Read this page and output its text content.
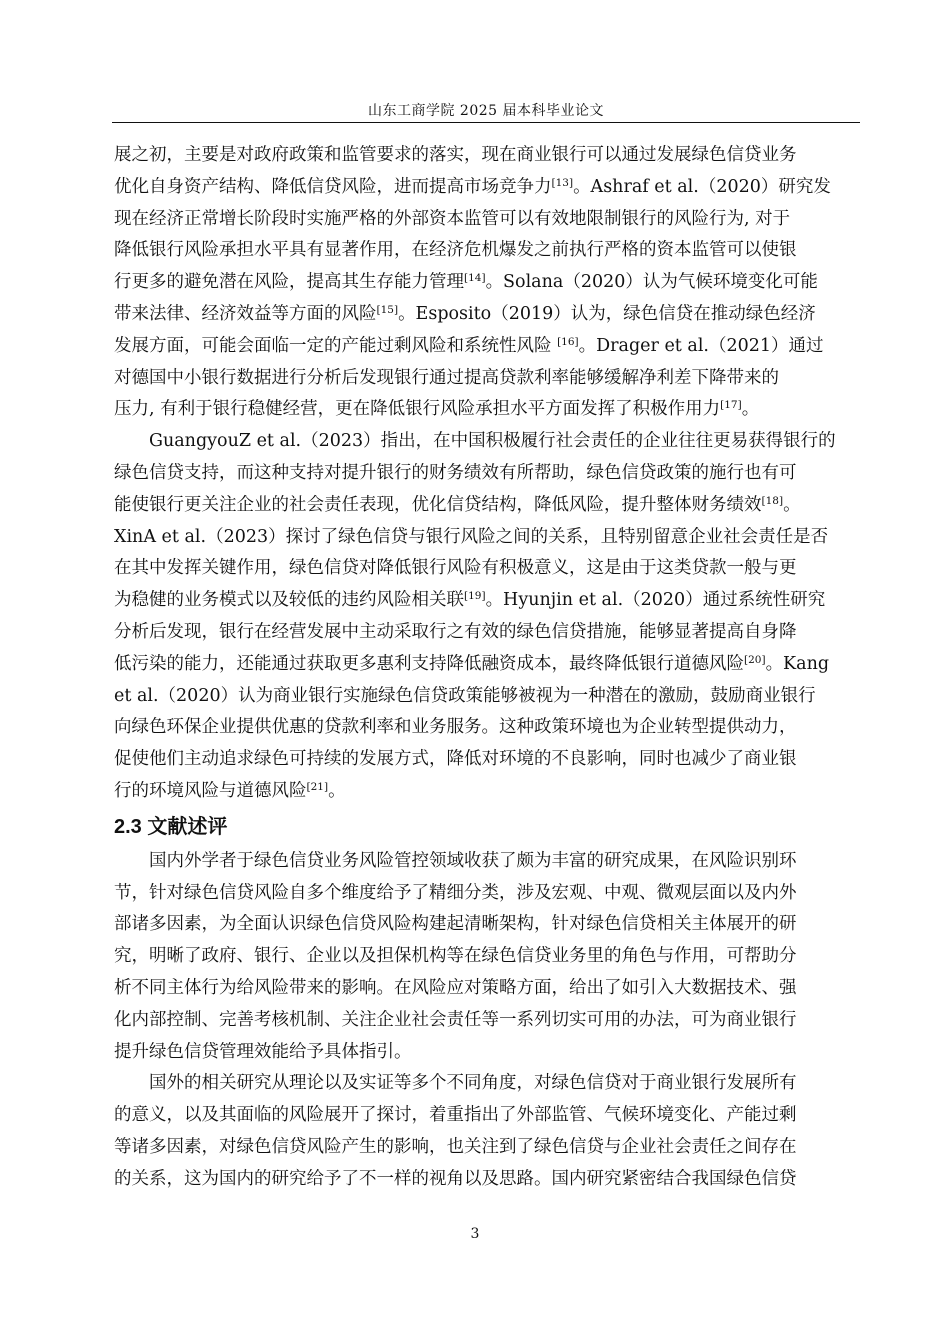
山东工商学院 2025 届本科毕业论文

展之初，主要是对政府政策和监管要求的落实，现在商业银行可以通过发展绿色信贷业务
优化自身资产结构、降低信贷风险，进而提高市场竞争力[13]。Ashraf et al.（2020）研究发
现在经济正常增长阶段时实施严格的外部资本监管可以有效地限制银行的风险行为, 对于
降低银行风险承担水平具有显著作用，在经济危机爆发之前执行严格的资本监管可以使银
行更多的避免潜在风险，提高其生存能力管理[14]。Solana（2020）认为气候环境变化可能
带来法律、经济效益等方面的风险[15]。Esposito（2019）认为，绿色信贷在推动绿色经济
发展方面，可能会面临一定的产能过剩风险和系统性风险 [16]。Drager et al.（2021）通过
对德国中小银行数据进行分析后发现银行通过提高贷款利率能够缓解净利差下降带来的
压力, 有利于银行稳健经营，更在降低银行风险承担水平方面发挥了积极作用力[17]。

GuangyouZ et al.（2023）指出，在中国积极履行社会责任的企业往往更易获得银行的
绿色信贷支持，而这种支持对提升银行的财务绩效有所帮助，绿色信贷政策的施行也有可
能使银行更关注企业的社会责任表现，优化信贷结构，降低风险，提升整体财务绩效[18]。
XinA et al.（2023）探讨了绿色信贷与银行风险之间的关系，且特别留意企业社会责任是否
在其中发挥关键作用，绿色信贷对降低银行风险有积极意义，这是由于这类贷款一般与更
为稳健的业务模式以及较低的违约风险相关联[19]。Hyunjin et al.（2020）通过系统性研究
分析后发现，银行在经营发展中主动采取行之有效的绿色信贷措施，能够显著提高自身降
低污染的能力，还能通过获取更多惠利支持降低融资成本，最终降低银行道德风险[20]。Kang
et al.（2020）认为商业银行实施绿色信贷政策能够被视为一种潜在的激励，鼓励商业银行
向绿色环保企业提供优惠的贷款利率和业务服务。这种政策环境也为企业转型提供动力，
促使他们主动追求绿色可持续的发展方式，降低对环境的不良影响，同时也减少了商业银
行的环境风险与道德风险[21]。

2.3 文献述评

国内外学者于绿色信贷业务风险管控领域收获了颇为丰富的研究成果，在风险识别环
节，针对绿色信贷风险自多个维度给予了精细分类，涉及宏观、中观、微观层面以及内外
部诸多因素，为全面认识绿色信贷风险构建起清晰架构，针对绿色信贷相关主体展开的研
究，明晰了政府、银行、企业以及担保机构等在绿色信贷业务里的角色与作用，可帮助分
析不同主体行为给风险带来的影响。在风险应对策略方面，给出了如引入大数据技术、强
化内部控制、完善考核机制、关注企业社会责任等一系列切实可用的办法，可为商业银行
提升绿色信贷管理效能给予具体指引。

国外的相关研究从理论以及实证等多个不同角度，对绿色信贷对于商业银行发展所有
的意义，以及其面临的风险展开了探讨，着重指出了外部监管、气候环境变化、产能过剩
等诸多因素，对绿色信贷风险产生的影响，也关注到了绿色信贷与企业社会责任之间存在
的关系，这为国内的研究给予了不一样的视角以及思路。国内研究紧密结合我国绿色信贷

3
